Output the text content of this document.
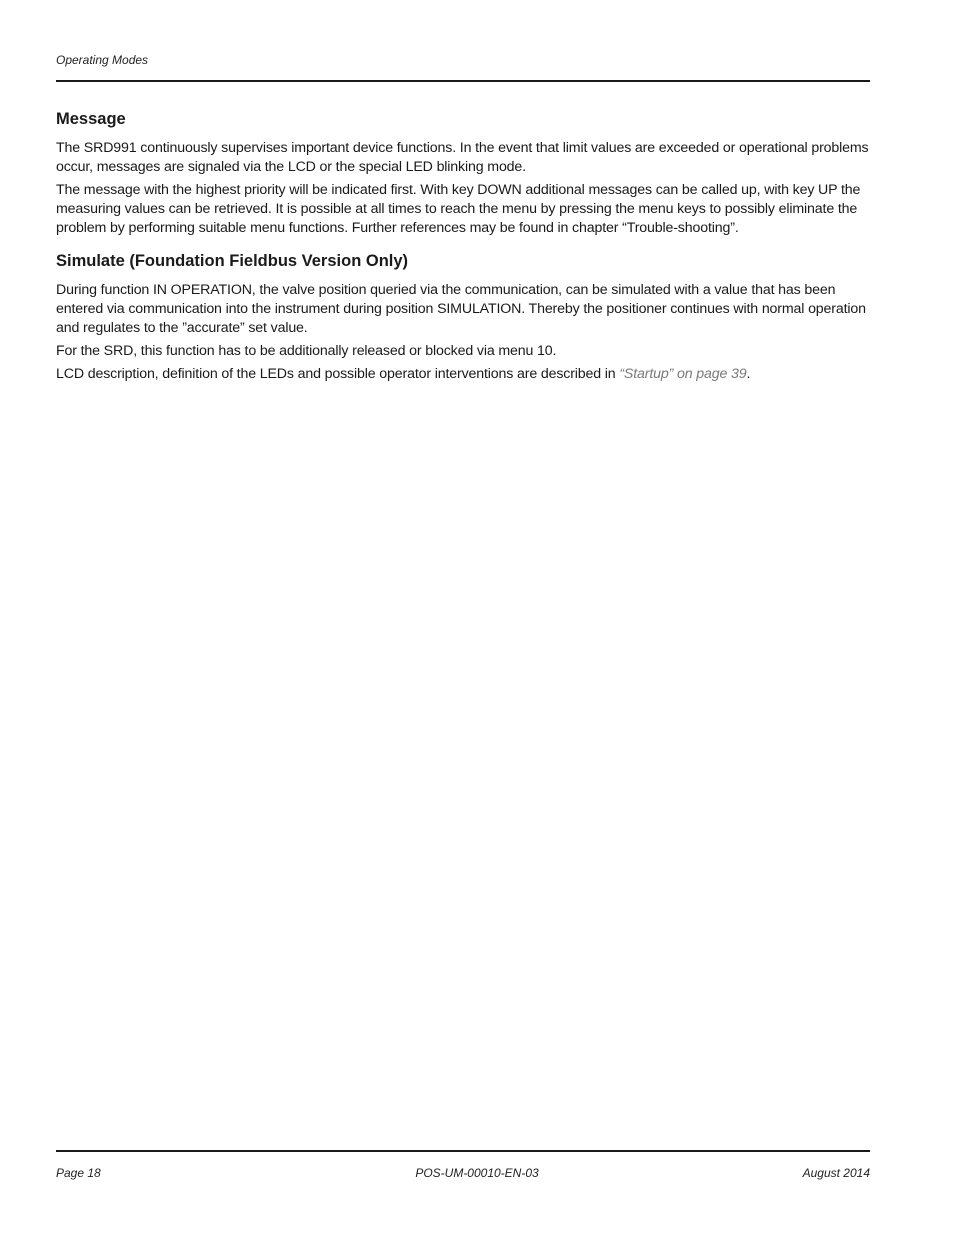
Operating Modes
Message

The SRD991 continuously supervises important device functions. In the event that limit values are exceeded or operational problems occur, messages are signaled via the LCD or the special LED blinking mode.

The message with the highest priority will be indicated first. With key DOWN additional messages can be called up, with key UP the measuring values can be retrieved. It is possible at all times to reach the menu by pressing the menu keys to possibly eliminate the problem by performing suitable menu functions. Further references may be found in chapter “Trouble-shooting”.

Simulate (Foundation Fieldbus Version Only)

During function IN OPERATION, the valve position queried via the communication, can be simulated with a value that has been entered via communication into the instrument during position SIMULATION. Thereby the positioner continues with normal operation and regulates to the ”accurate” set value.

For the SRD, this function has to be additionally released or blocked via menu 10.

LCD description, definition of the LEDs and possible operator interventions are described in “Startup” on page 39.

Page 18	POS-UM-00010-EN-03	August 2014
